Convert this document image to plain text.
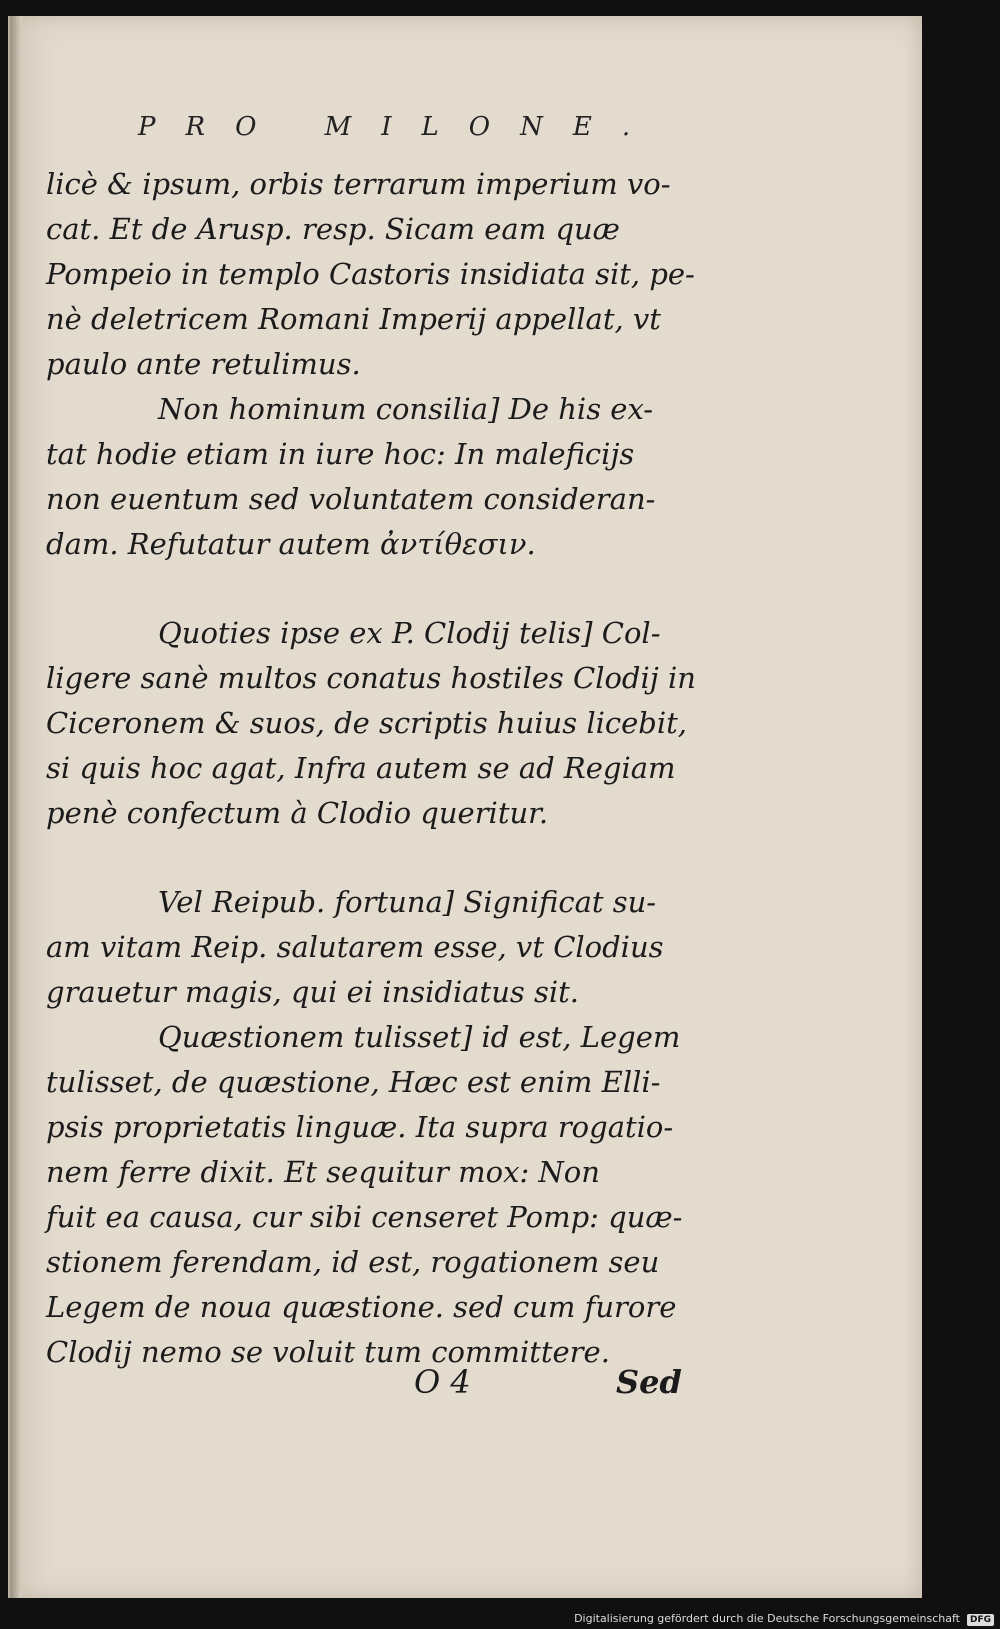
PRO MILONE.
licè & ipsum, orbis terrarum imperium vo-
cat. Et de Arusp. resp. Sicam eam quæ
Pompeio in templo Castoris insidiata sit, pe-
nè deletricem Romani Imperij appellat, vt
paulo ante retulimus.
Non hominum consilia] De his ex-
tat hodie etiam in iure hoc: In maleficijs
non euentum sed voluntatem consideran-
dam. Refutatur autem ἀντίθεσιν.
Quoties ipse ex P. Clodij telis] Col-
ligere sanè multos conatus hostiles Clodij in
Ciceronem & suos, de scriptis huius licebit,
si quis hoc agat, Infra autem se ad Regiam
penè confectum à Clodio queritur.
Vel Reipub. fortuna] Significat su-
am vitam Reip. salutarem esse, vt Clodius
grauetur magis, qui ei insidiatus sit.
Quæstionem tulisset] id est, Legem
tulisset, de quæstione, Hæc est enim Elli-
psis proprietatis linguæ. Ita supra rogatio-
nem ferre dixit. Et sequitur mox: Non
fuit ea causa, cur sibi censeret Pomp: quæ-
stionem ferendam, id est, rogationem seu
Legem de noua quæstione. sed cum furore
Clodij nemo se voluit tum committere.
O 4	Sed
Digitalisierung gefördert durch die Deutsche Forschungsgemeinschaft	DFG
